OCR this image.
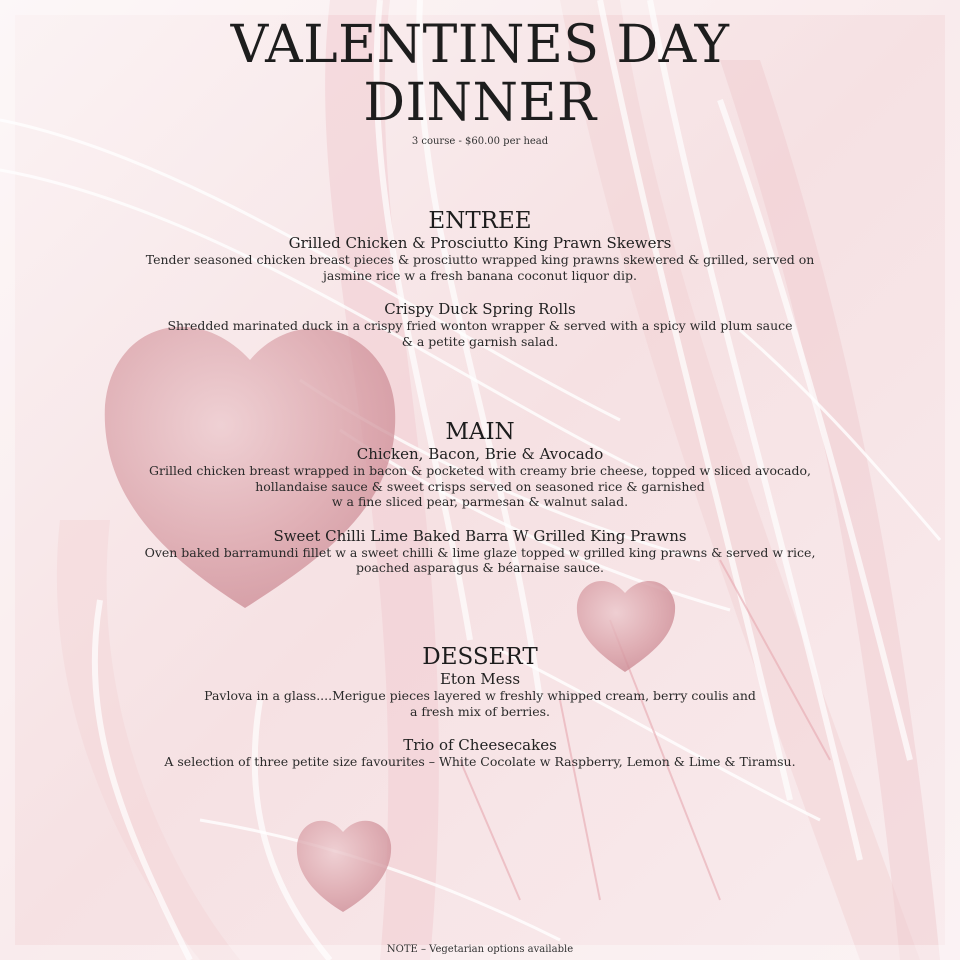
VALENTINES DAY
DINNER
3 course - $60.00 per head
ENTREE
Grilled Chicken & Prosciutto King Prawn Skewers
Tender seasoned chicken breast pieces & prosciutto wrapped king prawns skewered & grilled, served on
jasmine rice w a fresh banana coconut liquor dip.
Crispy Duck Spring Rolls
Shredded marinated duck in a crispy fried wonton wrapper & served with a spicy wild plum sauce
& a petite garnish salad.
MAIN
Chicken, Bacon, Brie & Avocado
Grilled chicken breast wrapped in bacon & pocketed with creamy brie cheese, topped w sliced avocado,
hollandaise sauce & sweet crisps served on seasoned rice & garnished
w a fine sliced pear, parmesan & walnut salad.
Sweet Chilli Lime Baked Barra W Grilled King Prawns
Oven baked barramundi fillet w a sweet chilli & lime glaze topped w grilled king prawns & served w rice,
poached asparagus & béarnaise sauce.
DESSERT
Eton Mess
Pavlova in a glass....Merigue pieces layered w freshly whipped cream, berry coulis and
a fresh mix of berries.
Trio of Cheesecakes
A selection of three petite size favourites – White Cocolate w Raspberry, Lemon & Lime & Tiramsu.
NOTE – Vegetarian options available
